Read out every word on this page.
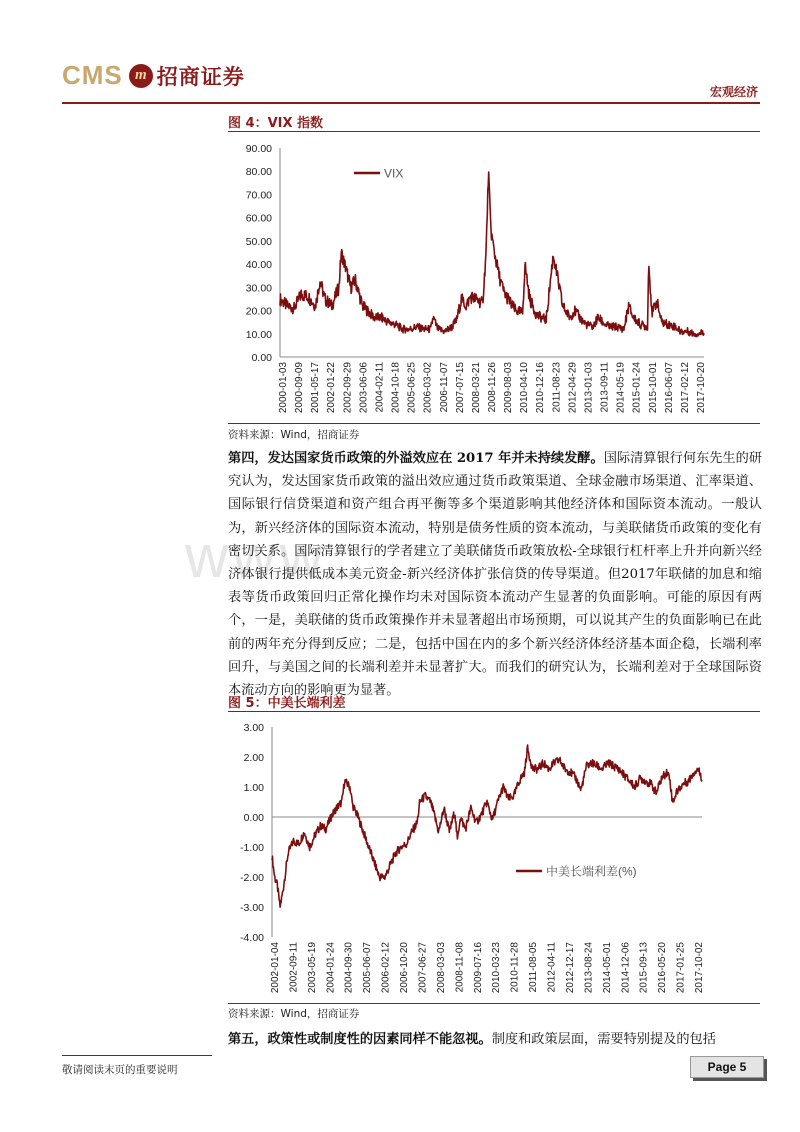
CMS m 招商证券
宏观经济
www.
图 4：VIX 指数
0.00
10.00
20.00
30.00
40.00
50.00
60.00
70.00
80.00
90.00
2000-01-03 2000-09-09 2001-05-17 2002-01-22 2002-09-29 2003-06-06 2004-02-11 2004-10-18 2005-06-25 2006-03-02 2006-11-07 2007-07-15 2008-03-21 2008-11-26 2009-08-03 2010-04-10 2010-12-16 2011-08-23 2012-04-29 2013-01-03 2013-09-11 2014-05-19 2015-01-24 2015-10-01 2016-06-07 2017-02-12 2017-10-20
VIX
资料来源：Wind，招商证券
第四，发达国家货币政策的外溢效应在 2017 年并未持续发酵。国际清算银行何东先生的研究认为，发达国家货币政策的溢出效应通过货币政策渠道、全球金融市场渠道、汇率渠道、国际银行信贷渠道和资产组合再平衡等多个渠道影响其他经济体和国际资本流动。一般认为，新兴经济体的国际资本流动，特别是债务性质的资本流动，与美联储货币政策的变化有密切关系。国际清算银行的学者建立了美联储货币政策放松-全球银行杠杆率上升并向新兴经济体银行提供低成本美元资金-新兴经济体扩张信贷的传导渠道。但2017年联储的加息和缩表等货币政策回归正常化操作均未对国际资本流动产生显著的负面影响。可能的原因有两个，一是，美联储的货币政策操作并未显著超出市场预期，可以说其产生的负面影响已在此前的两年充分得到反应；二是，包括中国在内的多个新兴经济体经济基本面企稳，长端利率回升，与美国之间的长端利差并未显著扩大。而我们的研究认为，长端利差对于全球国际资本流动方向的影响更为显著。
图 5：中美长端利差
-4.00
-3.00
-2.00
-1.00
0.00
1.00
2.00
3.00
2002-01-04 2002-09-11 2003-05-19 2004-01-24 2004-09-30 2005-06-07 2006-02-12 2006-10-20 2007-06-27 2008-03-03 2008-11-08 2009-07-16 2010-03-23 2010-11-28 2011-08-05 2012-04-11 2012-12-17 2013-08-24 2014-05-01 2014-12-06 2015-09-13 2016-05-20 2017-01-25 2017-10-02
中美长端利差(%)
资料来源：Wind，招商证券
第五，政策性或制度性的因素同样不能忽视。制度和政策层面，需要特别提及的包括
敬请阅读末页的重要说明	Page 5
